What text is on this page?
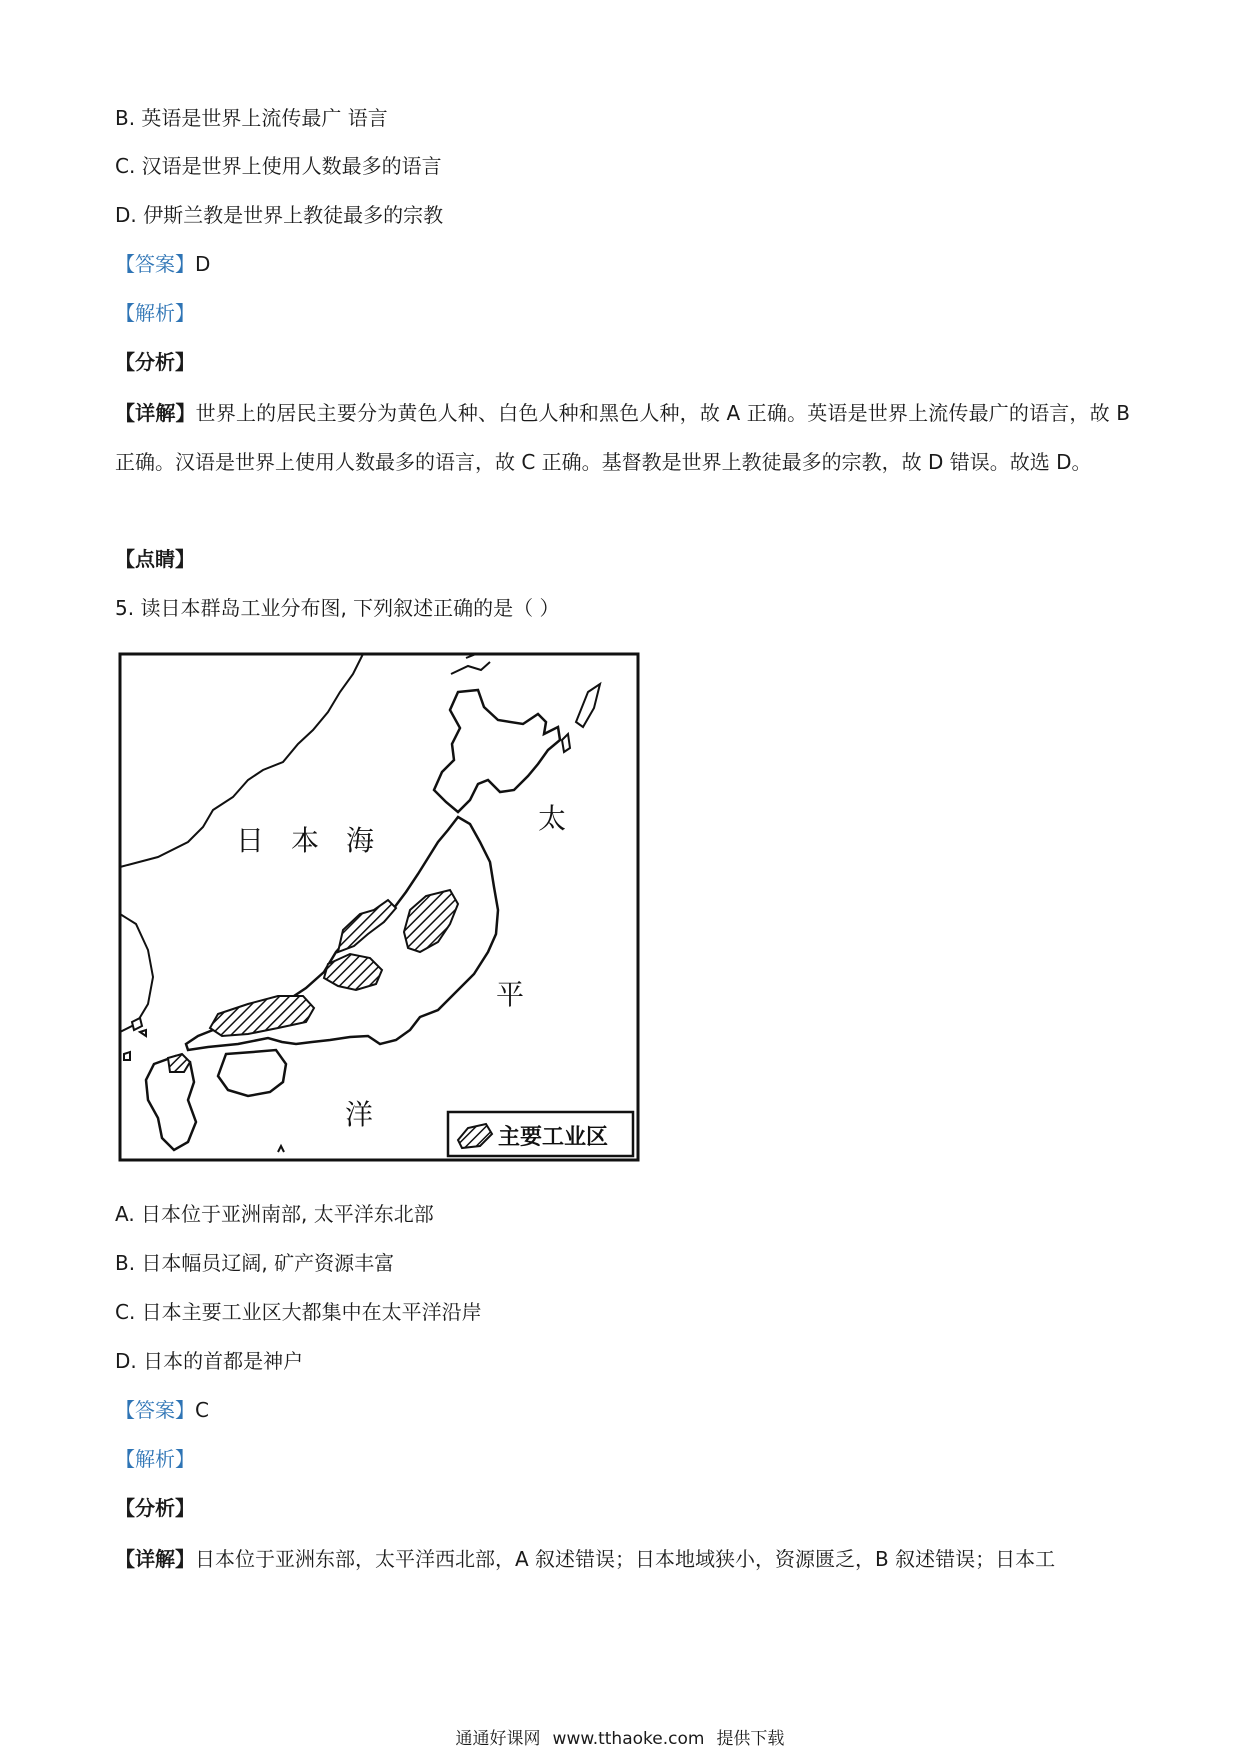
B. 英语是世界上流传最广 语言
C. 汉语是世界上使用人数最多的语言
D. 伊斯兰教是世界上教徒最多的宗教
【答案】D
【解析】
【分析】
【详解】世界上的居民主要分为黄色人种、白色人种和黑色人种，故 A 正确。英语是世界上流传最广的语言，故 B 正确。汉语是世界上使用人数最多的语言，故 C 正确。基督教是世界上教徒最多的宗教，故 D 错误。故选 D。
【点睛】
5. 读日本群岛工业分布图, 下列叙述正确的是（ ）
日 本 海
太
平
洋
主要工业区
A. 日本位于亚洲南部, 太平洋东北部
B. 日本幅员辽阔, 矿产资源丰富
C. 日本主要工业区大都集中在太平洋沿岸
D. 日本的首都是神户
【答案】C
【解析】
【分析】
【详解】日本位于亚洲东部，太平洋西北部，A 叙述错误；日本地域狭小，资源匮乏，B 叙述错误；日本工
通通好课网 www.tthaoke.com 提供下载
